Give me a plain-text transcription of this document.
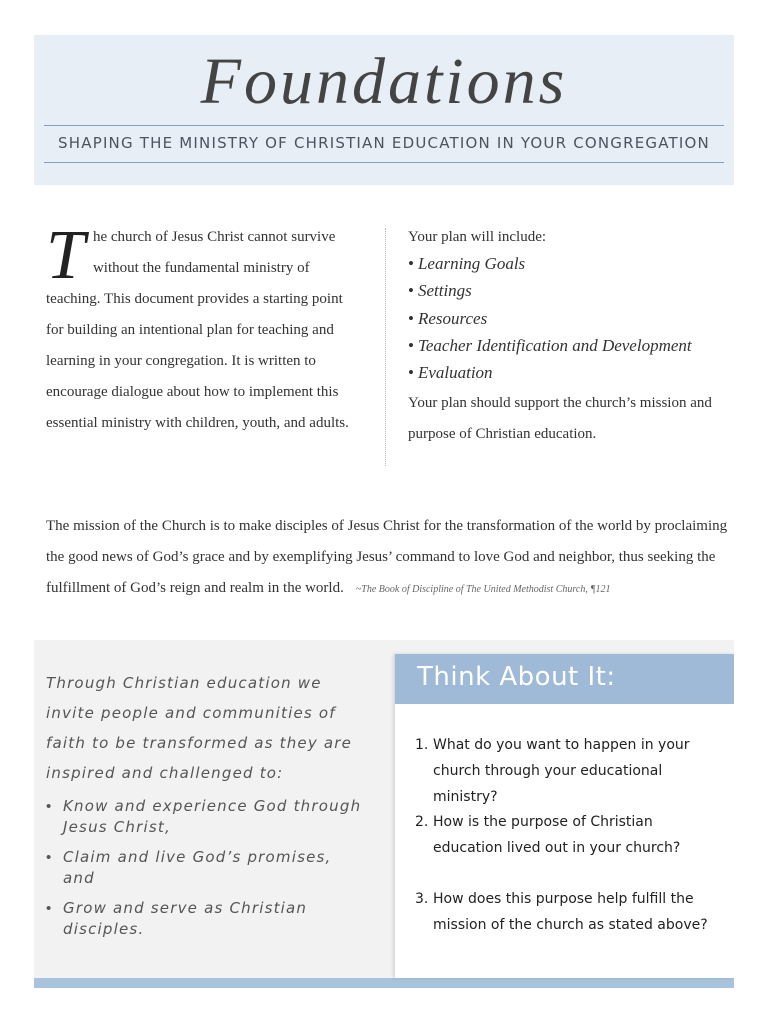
Foundations
SHAPING THE MINISTRY OF CHRISTIAN EDUCATION IN YOUR CONGREGATION
T he church of Jesus Christ cannot survive without the fundamental ministry of teaching. This document provides a starting point for building an intentional plan for teaching and learning in your congregation. It is written to encourage dialogue about how to implement this essential ministry with children, youth, and adults.
Your plan will include:
• Learning Goals
• Settings
• Resources
• Teacher Identification and Development
• Evaluation
Your plan should support the church’s mission and purpose of Christian education.
The mission of the Church is to make disciples of Jesus Christ for the transformation of the world by proclaiming the good news of God’s grace and by exemplifying Jesus’ command to love God and neighbor, thus seeking the fulfillment of God’s reign and realm in the world. ~The Book of Discipline of The United Methodist Church, ¶121
Through Christian education we invite people and communities of faith to be transformed as they are inspired and challenged to:
• Know and experience God through Jesus Christ,
• Claim and live God’s promises, and
• Grow and serve as Christian disciples.
Think About It:
1. What do you want to happen in your church through your educational ministry?
2. How is the purpose of Christian education lived out in your church?
3. How does this purpose help fulfill the mission of the church as stated above?
